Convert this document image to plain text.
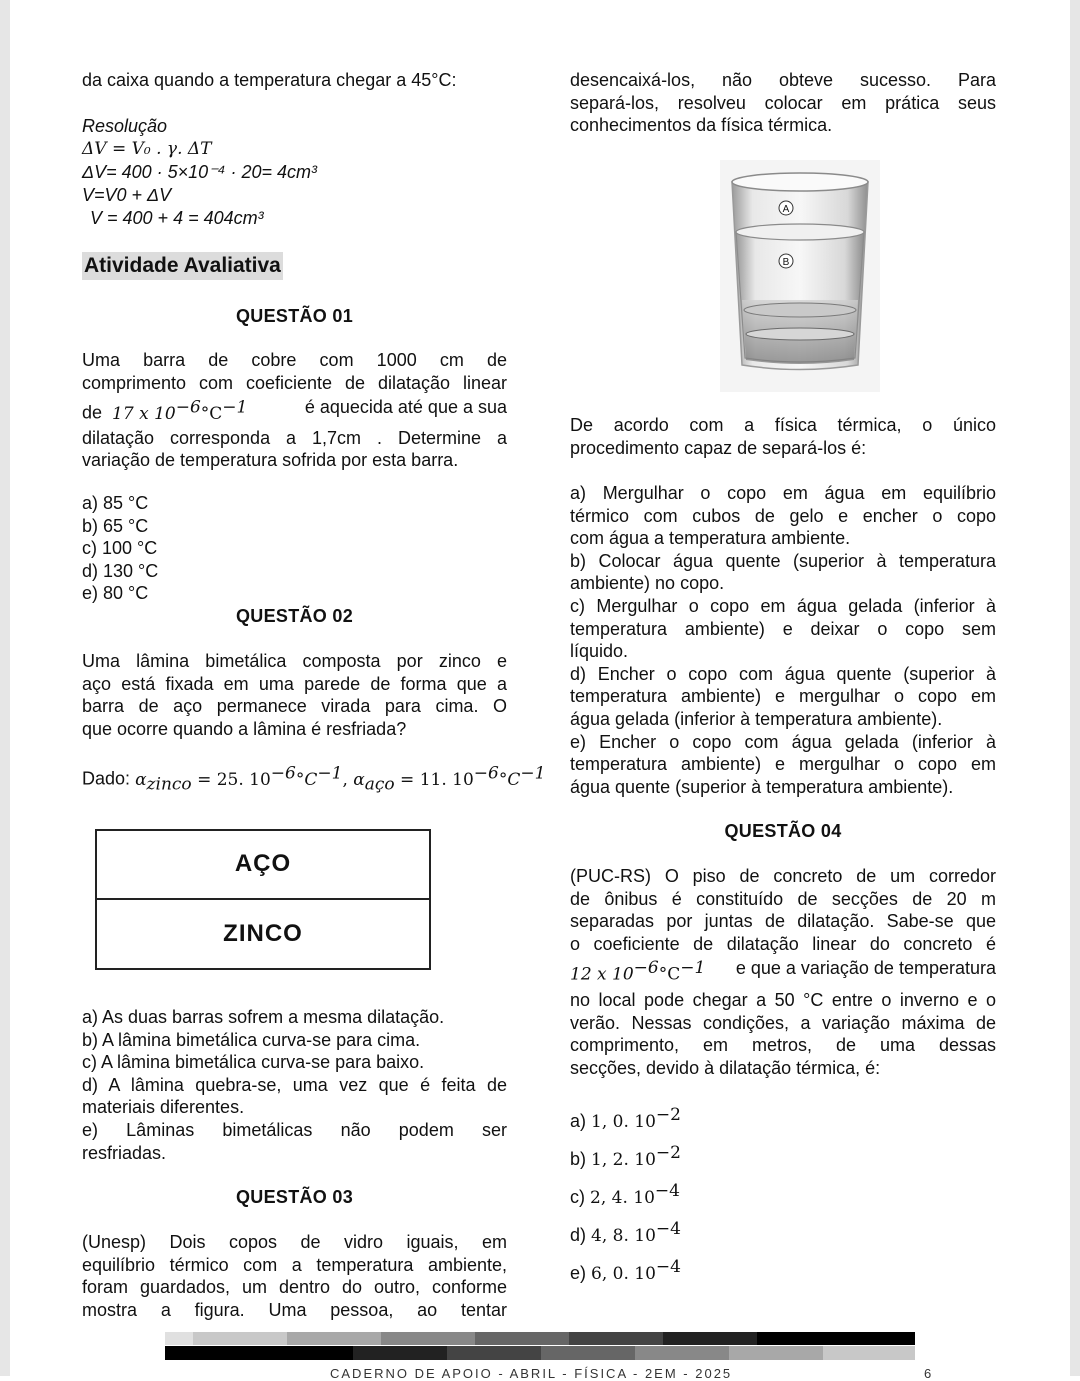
da caixa quando a temperatura chegar a 45°C:
Resolução
ΔV = V₀ . γ. ΔT
ΔV= 400 · 5×10⁻⁴ · 20= 4cm³
V=V0 + ΔV
V = 400 + 4 = 404cm³
Atividade Avaliativa
QUESTÃO 01
Uma barra de cobre com 1000 cm de
comprimento com coeficiente de dilatação linear
de 17 x $10^{-6}^\circ C^{-1}$	é aquecida até que a sua
dilatação corresponda a 1,7cm . Determine a
variação de temperatura sofrida por esta barra.
a) 85 °C
b) 65 °C
c) 100 °C
d) 130 °C
e) 80 °C
QUESTÃO 02
Uma lâmina bimetálica composta por zinco e
aço está fixada em uma parede de forma que a
barra de aço permanece virada para cima. O
que ocorre quando a lâmina é resfriada?
Dado: $\alpha_{zinco} = 25$. $10^{-6}^\circ C^{-1}$, $\alpha_{aço} = 11$. $10^{-6}^\circ C^{-1}$
AÇO
ZINCO
a) As duas barras sofrem a mesma dilatação.
b) A lâmina bimetálica curva-se para cima.
c) A lâmina bimetálica curva-se para baixo.
d) A lâmina quebra-se, uma vez que é feita de
materiais diferentes.
e) Lâminas bimetálicas não podem ser
resfriadas.
QUESTÃO 03
(Unesp) Dois copos de vidro iguais, em
equilíbrio térmico com a temperatura ambiente,
foram guardados, um dentro do outro, conforme
mostra a figura. Uma pessoa, ao tentar
desencaixá-los, não obteve sucesso. Para
separá-los, resolveu colocar em prática seus
conhecimentos da física térmica.
A
B
De acordo com a física térmica, o único
procedimento capaz de separá-los é:
a) Mergulhar o copo em água em equilíbrio
térmico com cubos de gelo e encher o copo
com água a temperatura ambiente.
b) Colocar água quente (superior à temperatura
ambiente) no copo.
c) Mergulhar o copo em água gelada (inferior à
temperatura ambiente) e deixar o copo sem
líquido.
d) Encher o copo com água quente (superior à
temperatura ambiente) e mergulhar o copo em
água gelada (inferior à temperatura ambiente).
e) Encher o copo com água gelada (inferior à
temperatura ambiente) e mergulhar o copo em
água quente (superior à temperatura ambiente).
QUESTÃO 04
(PUC-RS) O piso de concreto de um corredor
de ônibus é constituído de secções de 20 m
separadas por juntas de dilatação. Sabe-se que
o coeficiente de dilatação linear do concreto é
12 x $10^{-6}^\circ C^{-1}$ e que a variação de temperatura
no local pode chegar a 50 °C entre o inverno e o
verão. Nessas condições, a variação máxima de
comprimento, em metros, de uma dessas
secções, devido à dilatação térmica, é:
a) 1, 0. $10^{-2}$
b) 1, 2. $10^{-2}$
c) 2, 4. $10^{-4}$
d) 4, 8. $10^{-4}$
e) 6, 0. $10^{-4}$
CADERNO DE APOIO - ABRIL - FÍSICA - 2EM - 2025	6
